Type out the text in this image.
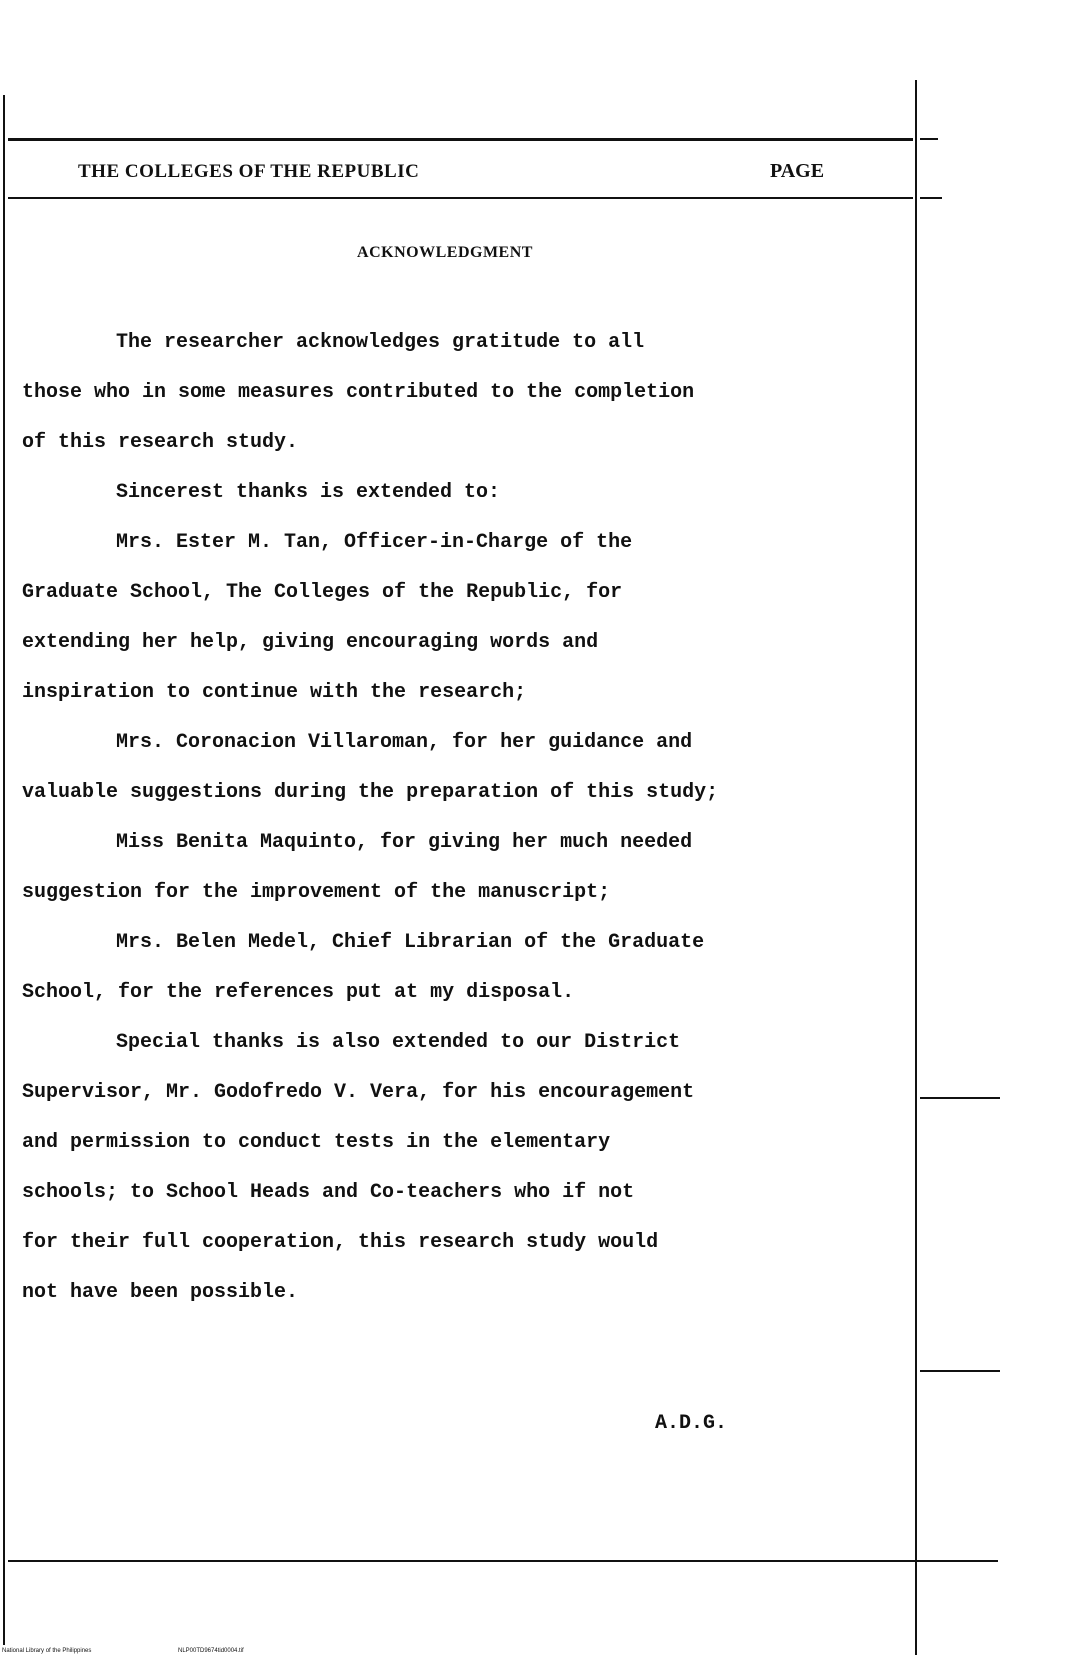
THE COLLEGES OF THE REPUBLIC	PAGE
ACKNOWLEDGMENT

The researcher acknowledges gratitude to all
those who in some measures contributed to the completion
of this research study.

Sincerest thanks is extended to:

Mrs. Ester M. Tan, Officer-in-Charge of the
Graduate School, The Colleges of the Republic, for
extending her help, giving encouraging words and
inspiration to continue with the research;

Mrs. Coronacion Villaroman, for her guidance and
valuable suggestions during the preparation of this study;

Miss Benita Maquinto, for giving her much needed
suggestion for the improvement of the manuscript;

Mrs. Belen Medel, Chief Librarian of the Graduate
School, for the references put at my disposal.

Special thanks is also extended to our District
Supervisor, Mr. Godofredo V. Vera, for his encouragement
and permission to conduct tests in the elementary
schools; to School Heads and Co-teachers who if not
for their full cooperation, this research study would
not have been possible.

A.D.G.
National Library of the Philippines	NLP00TD9674tid0004.tif
